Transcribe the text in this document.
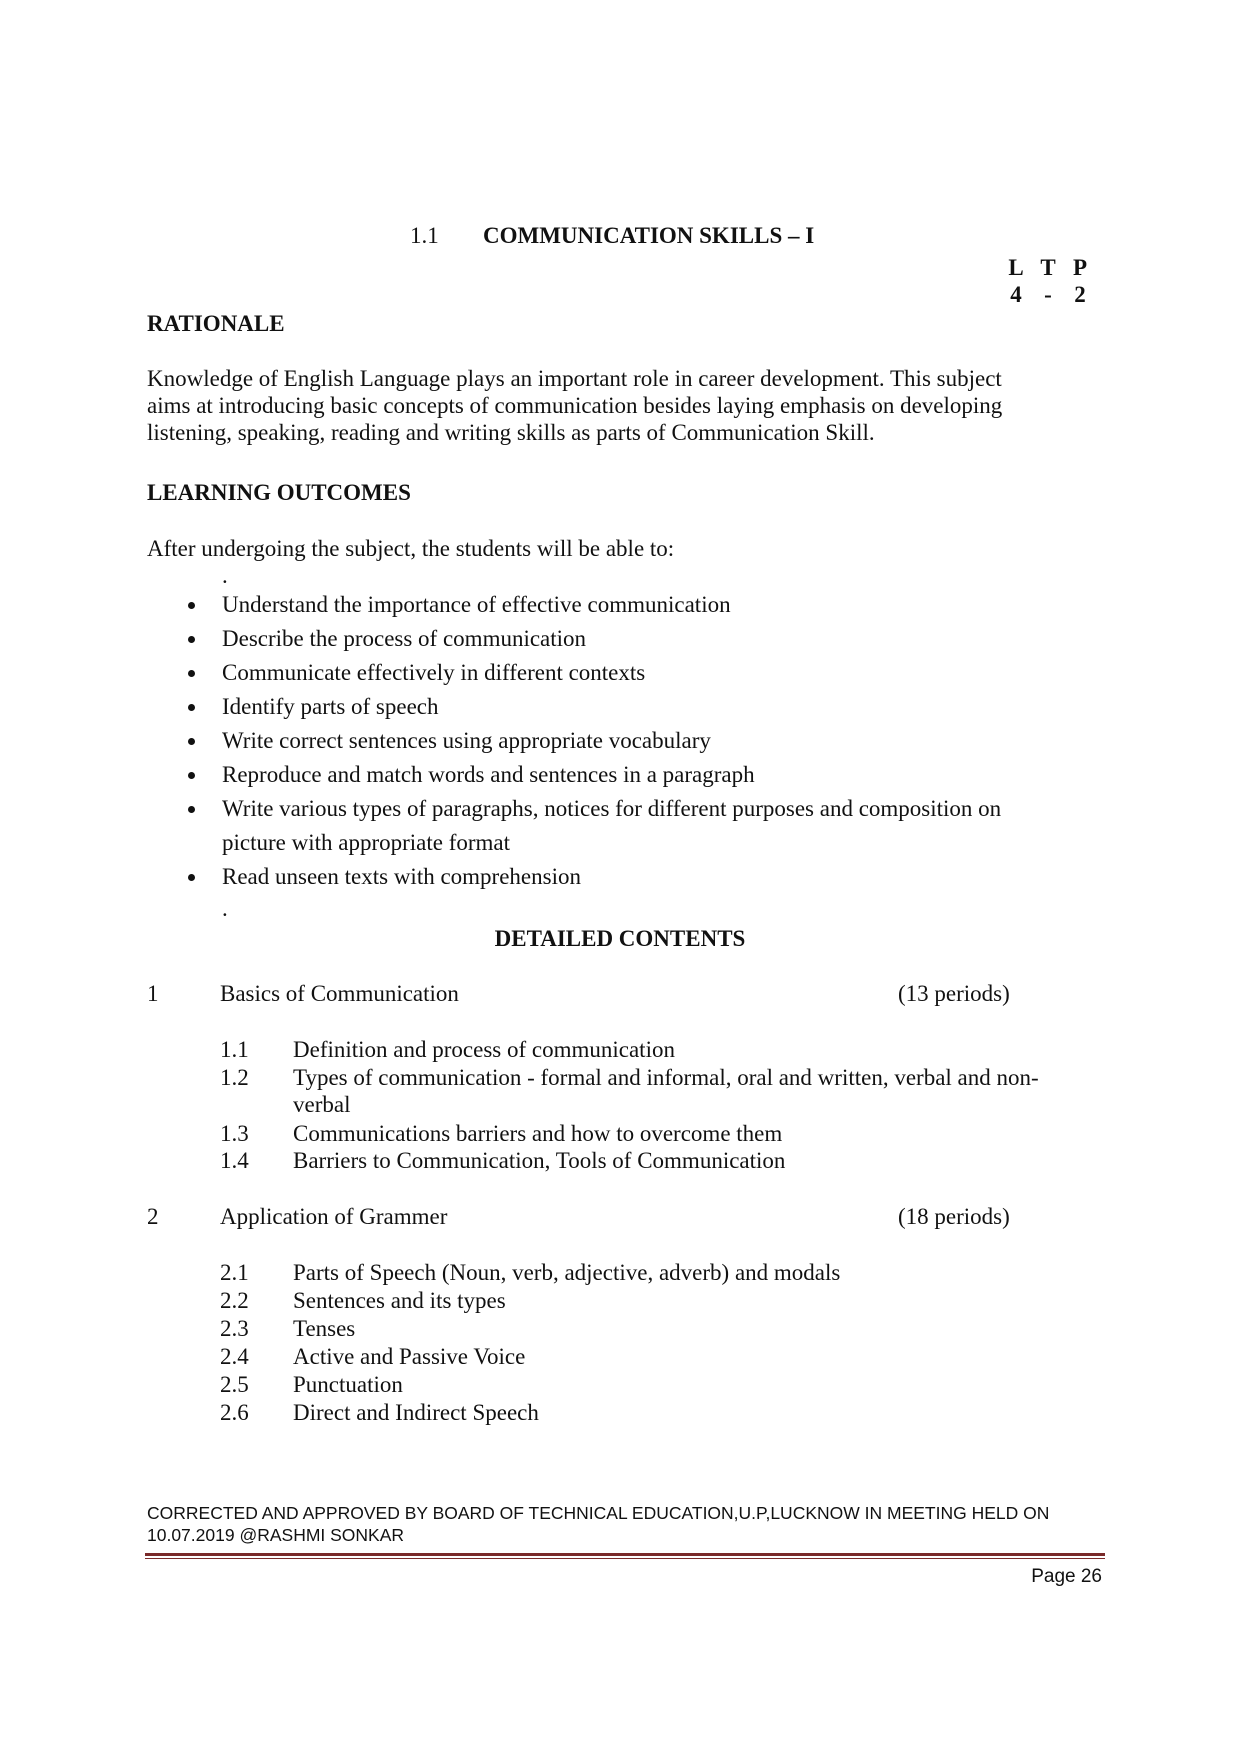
1.1 COMMUNICATION SKILLS – I
L T P
4 - 2
RATIONALE
Knowledge of English Language plays an important role in career development. This subject
aims at introducing basic concepts of communication besides laying emphasis on developing
listening, speaking, reading and writing skills as parts of Communication Skill.
LEARNING OUTCOMES
After undergoing the subject, the students will be able to:
.
Understand the importance of effective communication
Describe the process of communication
Communicate effectively in different contexts
Identify parts of speech
Write correct sentences using appropriate vocabulary
Reproduce and match words and sentences in a paragraph
Write various types of paragraphs, notices for different purposes and composition on picture with appropriate format
Read unseen texts with comprehension
.
DETAILED CONTENTS
1	Basics of Communication	(13 periods)
1.1 Definition and process of communication
1.2 Types of communication - formal and informal, oral and written, verbal and non-
verbal
1.3 Communications barriers and how to overcome them
1.4 Barriers to Communication, Tools of Communication
2	Application of Grammer	(18 periods)
2.1 Parts of Speech (Noun, verb, adjective, adverb) and modals
2.2 Sentences and its types
2.3 Tenses
2.4 Active and Passive Voice
2.5 Punctuation
2.6 Direct and Indirect Speech
CORRECTED AND APPROVED BY BOARD OF TECHNICAL EDUCATION,U.P,LUCKNOW IN MEETING HELD ON
10.07.2019 @RASHMI SONKAR
Page 26
